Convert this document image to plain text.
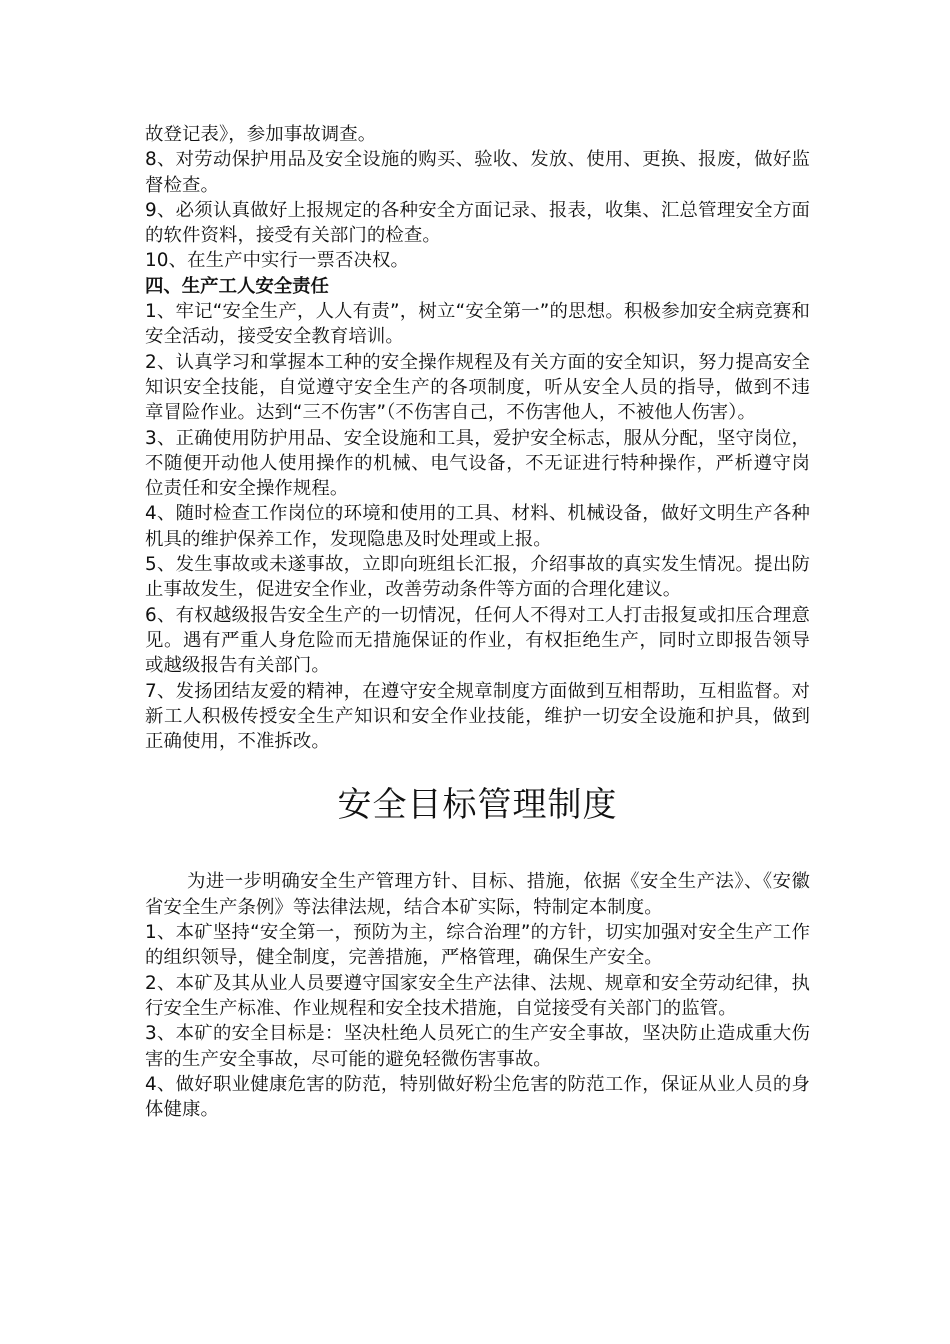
故登记表》，参加事故调查。

8、对劳动保护用品及安全设施的购买、验收、发放、使用、更换、报废，做好监督检查。

9、必须认真做好上报规定的各种安全方面记录、报表，收集、汇总管理安全方面的软件资料，接受有关部门的检查。

10、在生产中实行一票否决权。

四、生产工人安全责任

1、牢记“安全生产，人人有责”，树立“安全第一”的思想。积极参加安全病竞赛和安全活动，接受安全教育培训。

2、认真学习和掌握本工种的安全操作规程及有关方面的安全知识，努力提高安全知识安全技能，自觉遵守安全生产的各项制度，听从安全人员的指导，做到不违章冒险作业。达到“三不伤害”（不伤害自己，不伤害他人，不被他人伤害）。

3、正确使用防护用品、安全设施和工具，爱护安全标志，服从分配，坚守岗位，不随便开动他人使用操作的机械、电气设备，不无证进行特种操作，严析遵守岗位责任和安全操作规程。

4、随时检查工作岗位的环境和使用的工具、材料、机械设备，做好文明生产各种机具的维护保养工作，发现隐患及时处理或上报。

5、发生事故或未遂事故，立即向班组长汇报，介绍事故的真实发生情况。提出防止事故发生，促进安全作业，改善劳动条件等方面的合理化建议。

6、有权越级报告安全生产的一切情况，任何人不得对工人打击报复或扣压合理意见。遇有严重人身危险而无措施保证的作业，有权拒绝生产，同时立即报告领导或越级报告有关部门。

7、发扬团结友爱的精神，在遵守安全规章制度方面做到互相帮助，互相监督。对新工人积极传授安全生产知识和安全作业技能，维护一切安全设施和护具，做到正确使用，不准拆改。

安全目标管理制度

为进一步明确安全生产管理方针、目标、措施，依据《安全生产法》、《安徽省安全生产条例》等法律法规，结合本矿实际，特制定本制度。

1、本矿坚持“安全第一，预防为主，综合治理”的方针，切实加强对安全生产工作的组织领导，健全制度，完善措施，严格管理，确保生产安全。

2、本矿及其从业人员要遵守国家安全生产法律、法规、规章和安全劳动纪律，执行安全生产标准、作业规程和安全技术措施，自觉接受有关部门的监管。

3、本矿的安全目标是：坚决杜绝人员死亡的生产安全事故，坚决防止造成重大伤害的生产安全事故，尽可能的避免轻微伤害事故。

4、做好职业健康危害的防范，特别做好粉尘危害的防范工作，保证从业人员的身体健康。
